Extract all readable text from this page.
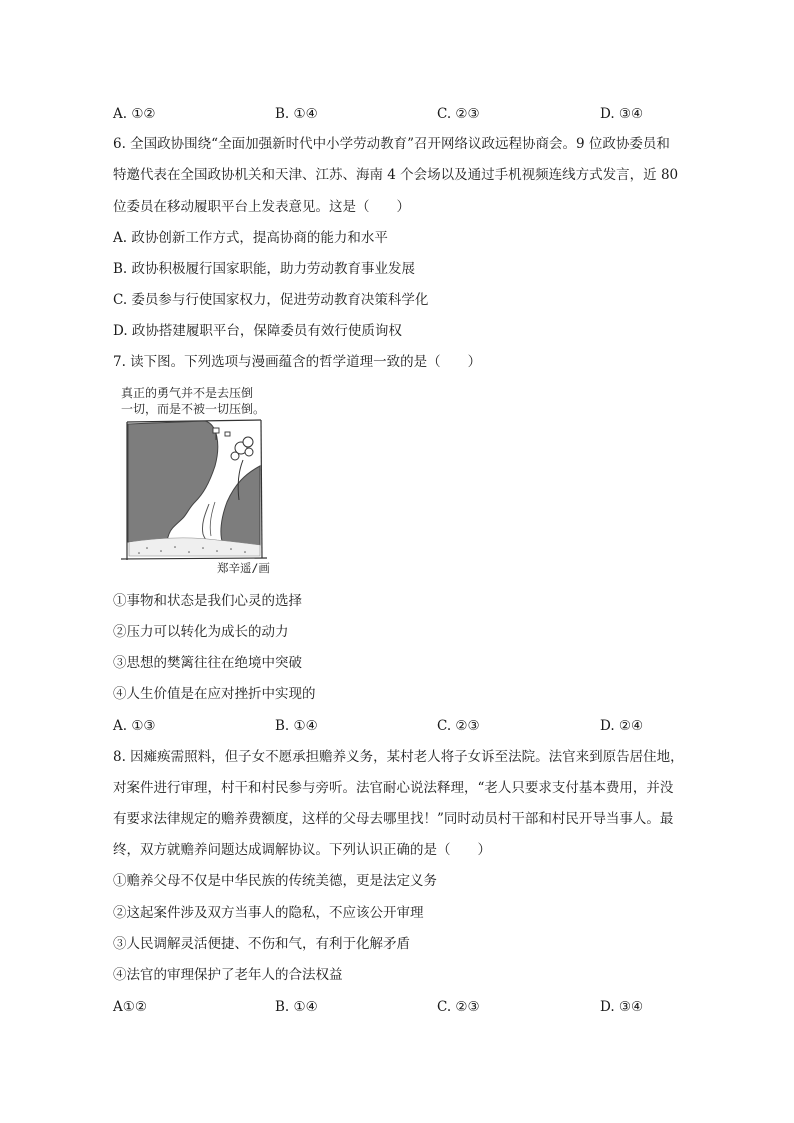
A. ①②	B. ①④	C. ②③	D. ③④
6. 全国政协围绕“全面加强新时代中小学劳动教育”召开网络议政远程协商会。9 位政协委员和
特邀代表在全国政协机关和天津、江苏、海南 4 个会场以及通过手机视频连线方式发言，近 80
位委员在移动履职平台上发表意见。这是（　　）
A. 政协创新工作方式，提高协商的能力和水平
B. 政协积极履行国家职能，助力劳动教育事业发展
C. 委员参与行使国家权力，促进劳动教育决策科学化
D. 政协搭建履职平台，保障委员有效行使质询权
7. 读下图。下列选项与漫画蕴含的哲学道理一致的是（　　）
真正的勇气并不是去压倒
一切，而是不被一切压倒。
郑辛遥/画
①事物和状态是我们心灵的选择
②压力可以转化为成长的动力
③思想的樊篱往往在绝境中突破
④人生价值是在应对挫折中实现的
A. ①③	B. ①④	C. ②③	D. ②④
8. 因瘫痪需照料，但子女不愿承担赡养义务，某村老人将子女诉至法院。法官来到原告居住地，
对案件进行审理，村干和村民参与旁听。法官耐心说法释理，“老人只要求支付基本费用，并没
有要求法律规定的赡养费额度，这样的父母去哪里找！”同时动员村干部和村民开导当事人。最
终，双方就赡养问题达成调解协议。下列认识正确的是（　　）
①赡养父母不仅是中华民族的传统美德，更是法定义务
②这起案件涉及双方当事人的隐私，不应该公开审理
③人民调解灵活便捷、不伤和气，有利于化解矛盾
④法官的审理保护了老年人的合法权益
A①②	B. ①④	C. ②③	D. ③④
